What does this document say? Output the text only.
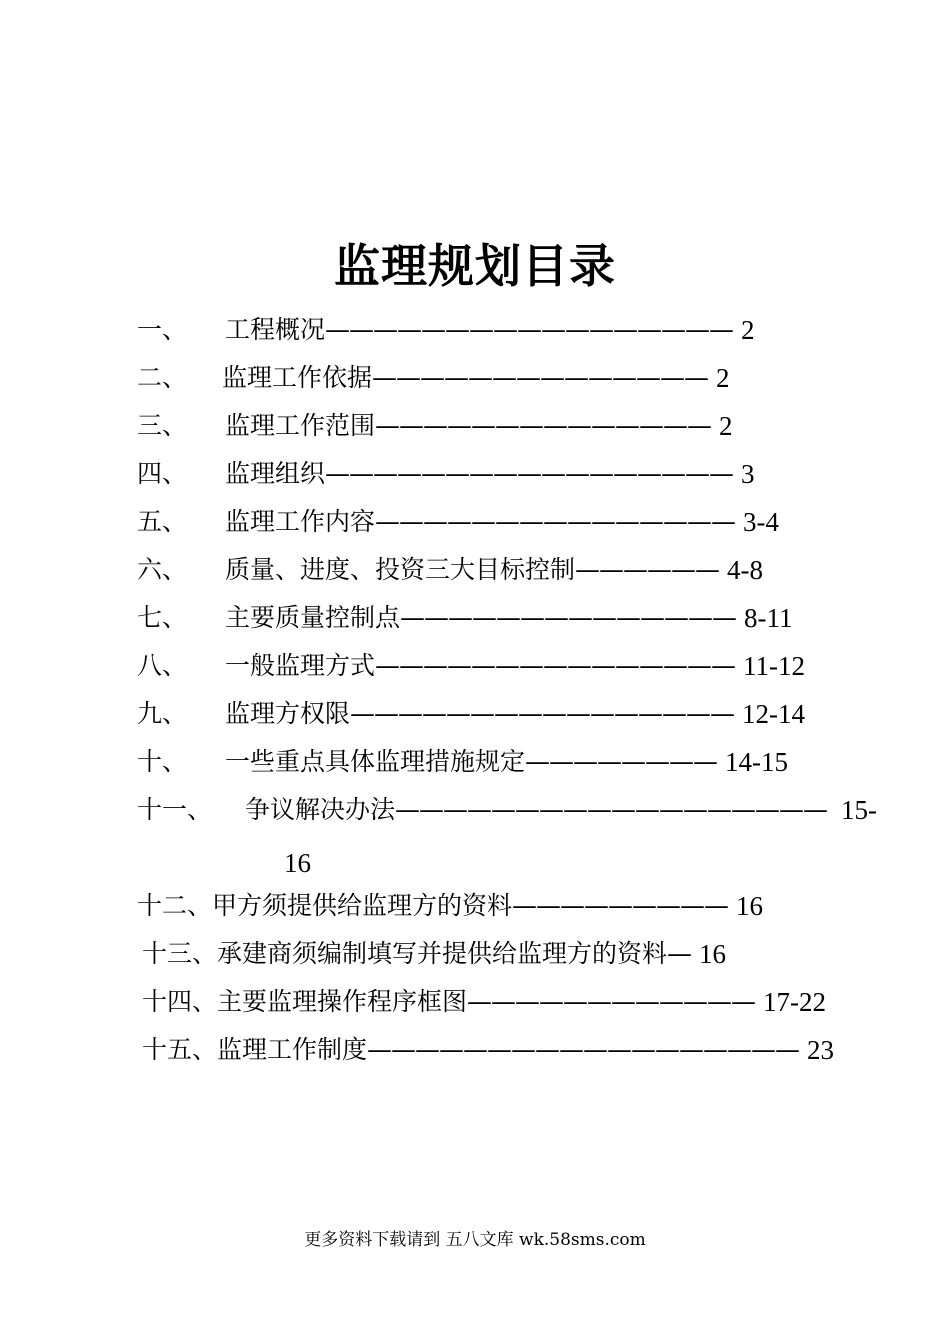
监理规划目录
一、 工程概况————————————————— 2
二、 监理工作依据—————————————— 2
三、 监理工作范围—————————————— 2
四、 监理组织————————————————— 3
五、 监理工作内容——————————————— 3-4
六、 质量、进度、投资三大目标控制—————— 4-8
七、 主要质量控制点—————————————— 8-11
八、 一般监理方式——————————————— 11-12
九、 监理方权限———————————————— 12-14
十、 一些重点具体监理措施规定———————— 14-15
十一、 争议解决办法—————————————————— 15-
十二、甲方须提供给监理方的资料————————— 16
十三、承建商须编制填写并提供给监理方的资料— 16
十四、主要监理操作程序框图———————————— 17-22
十五、监理工作制度—————————————————— 23
16
更多资料下载请到 五八文库 wk.58sms.com
